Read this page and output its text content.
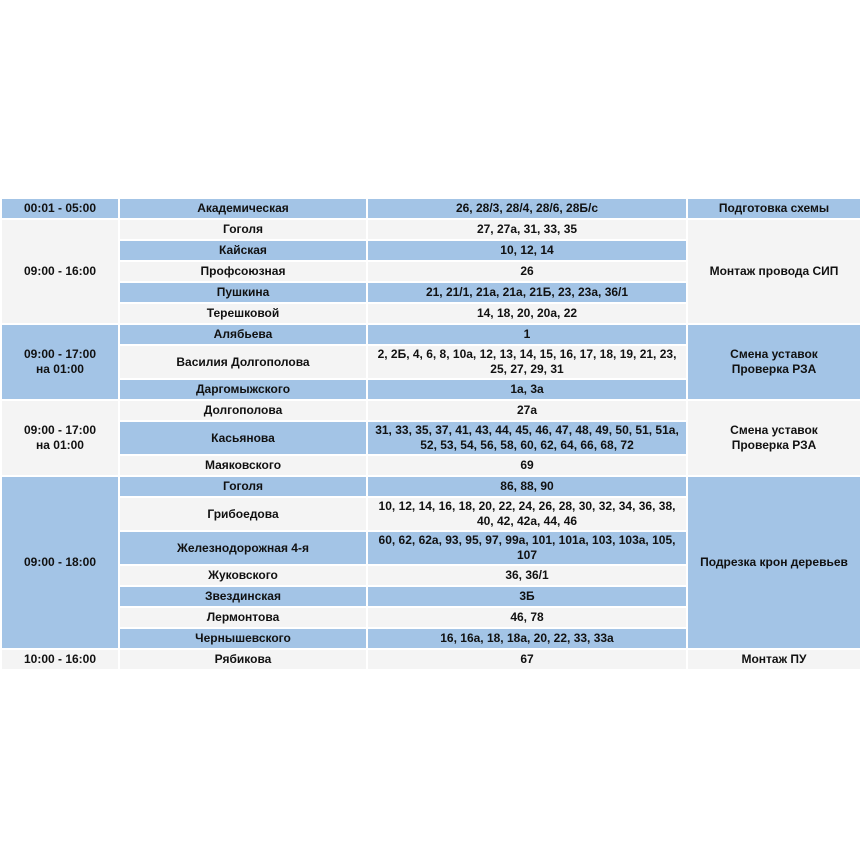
00:01 - 05:00	Академическая	26, 28/3, 28/4, 28/6, 28Б/с	Подготовка схемы
09:00 - 16:00	Гоголя	27, 27а, 31, 33, 35	Монтаж провода СИП
	Кайская	10, 12, 14	
	Профсоюзная	26	
	Пушкина	21, 21/1, 21а, 21а, 21Б, 23, 23а, 36/1	
	Терешковой	14, 18, 20, 20а, 22	
09:00 - 17:00
на 01:00	Алябьева	1	Смена уставок
Проверка РЗА
	Василия Долгополова	2, 2Б, 4, 6, 8, 10а, 12, 13, 14, 15, 16, 17, 18, 19, 21, 23,
25, 27, 29, 31	
	Даргомыжского	1а, 3а	
09:00 - 17:00
на 01:00	Долгополова	27а	Смена уставок
Проверка РЗА
	Касьянова	31, 33, 35, 37, 41, 43, 44, 45, 46, 47, 48, 49, 50, 51, 51а,
52, 53, 54, 56, 58, 60, 62, 64, 66, 68, 72	
	Маяковского	69	
09:00 - 18:00	Гоголя	86, 88, 90	Подрезка крон деревьев
	Грибоедова	10, 12, 14, 16, 18, 20, 22, 24, 26, 28, 30, 32, 34, 36, 38,
40, 42, 42а, 44, 46	
	Железнодорожная 4-я	60, 62, 62а, 93, 95, 97, 99а, 101, 101а, 103, 103а, 105,
107	
	Жуковского	36, 36/1	
	Звездинская	3Б	
	Лермонтова	46, 78	
	Чернышевского	16, 16а, 18, 18а, 20, 22, 33, 33а	
10:00 - 16:00	Рябикова	67	Монтаж ПУ
